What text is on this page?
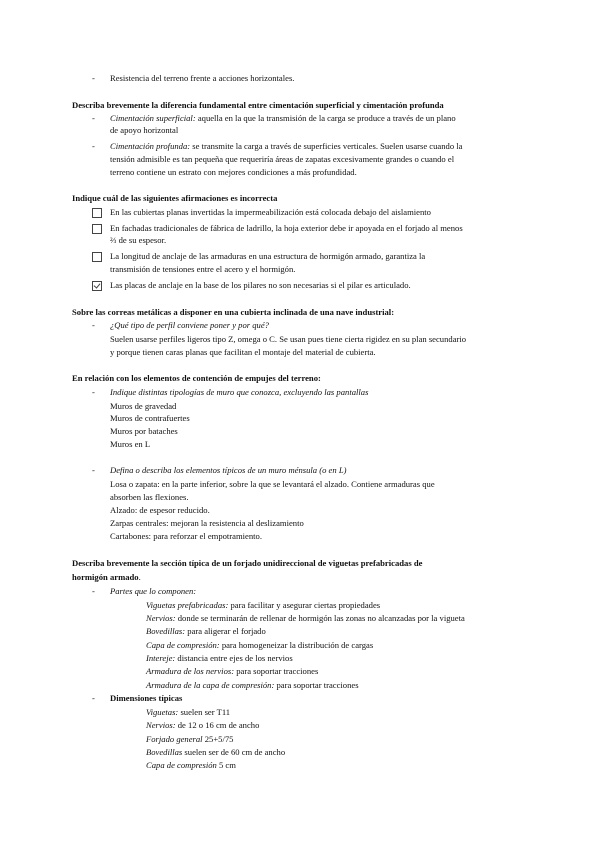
- Resistencia del terreno frente a acciones horizontales.
Describa brevemente la diferencia fundamental entre cimentación superficial y cimentación profunda
- Cimentación superficial: aquella en la que la transmisión de la carga se produce a través de un plano
de apoyo horizontal
- Cimentación profunda: se transmite la carga a través de superficies verticales. Suelen usarse cuando la
tensión admisible es tan pequeña que requeriría áreas de zapatas excesivamente grandes o cuando el
terreno contiene un estrato con mejores condiciones a más profundidad.
Indique cuál de las siguientes afirmaciones es incorrecta
En las cubiertas planas invertidas la impermeabilización está colocada debajo del aislamiento
En fachadas tradicionales de fábrica de ladrillo, la hoja exterior debe ir apoyada en el forjado al menos
⅔ de su espesor.
La longitud de anclaje de las armaduras en una estructura de hormigón armado, garantiza la
transmisión de tensiones entre el acero y el hormigón.
Las placas de anclaje en la base de los pilares no son necesarias si el pilar es articulado.
Sobre las correas metálicas a disponer en una cubierta inclinada de una nave industrial:
- ¿Qué tipo de perfil conviene poner y por qué?
Suelen usarse perfiles ligeros tipo Z, omega o C. Se usan pues tiene cierta rigidez en su plan secundario
y porque tienen caras planas que facilitan el montaje del material de cubierta.
En relación con los elementos de contención de empujes del terreno:
- Indique distintas tipologías de muro que conozca, excluyendo las pantallas
Muros de gravedad
Muros de contrafuertes
Muros por bataches
Muros en L
- Defina o describa los elementos típicos de un muro ménsula (o en L)
Losa o zapata: en la parte inferior, sobre la que se levantará el alzado. Contiene armaduras que
absorben las flexiones.
Alzado: de espesor reducido.
Zarpas centrales: mejoran la resistencia al deslizamiento
Cartabones: para reforzar el empotramiento.
Describa brevemente la sección típica de un forjado unidireccional de viguetas prefabricadas de
hormigón armado.
- Partes que lo componen:
Viguetas prefabricadas: para facilitar y asegurar ciertas propiedades
Nervios: donde se terminarán de rellenar de hormigón las zonas no alcanzadas por la vigueta
Bovedillas: para aligerar el forjado
Capa de compresión: para homogeneizar la distribución de cargas
Intereje: distancia entre ejes de los nervios
Armadura de los nervios: para soportar tracciones
Armadura de la capa de compresión: para soportar tracciones
- Dimensiones típicas
Viguetas: suelen ser T11
Nervios: de 12 o 16 cm de ancho
Forjado general 25+5/75
Bovedillas suelen ser de 60 cm de ancho
Capa de compresión 5 cm
